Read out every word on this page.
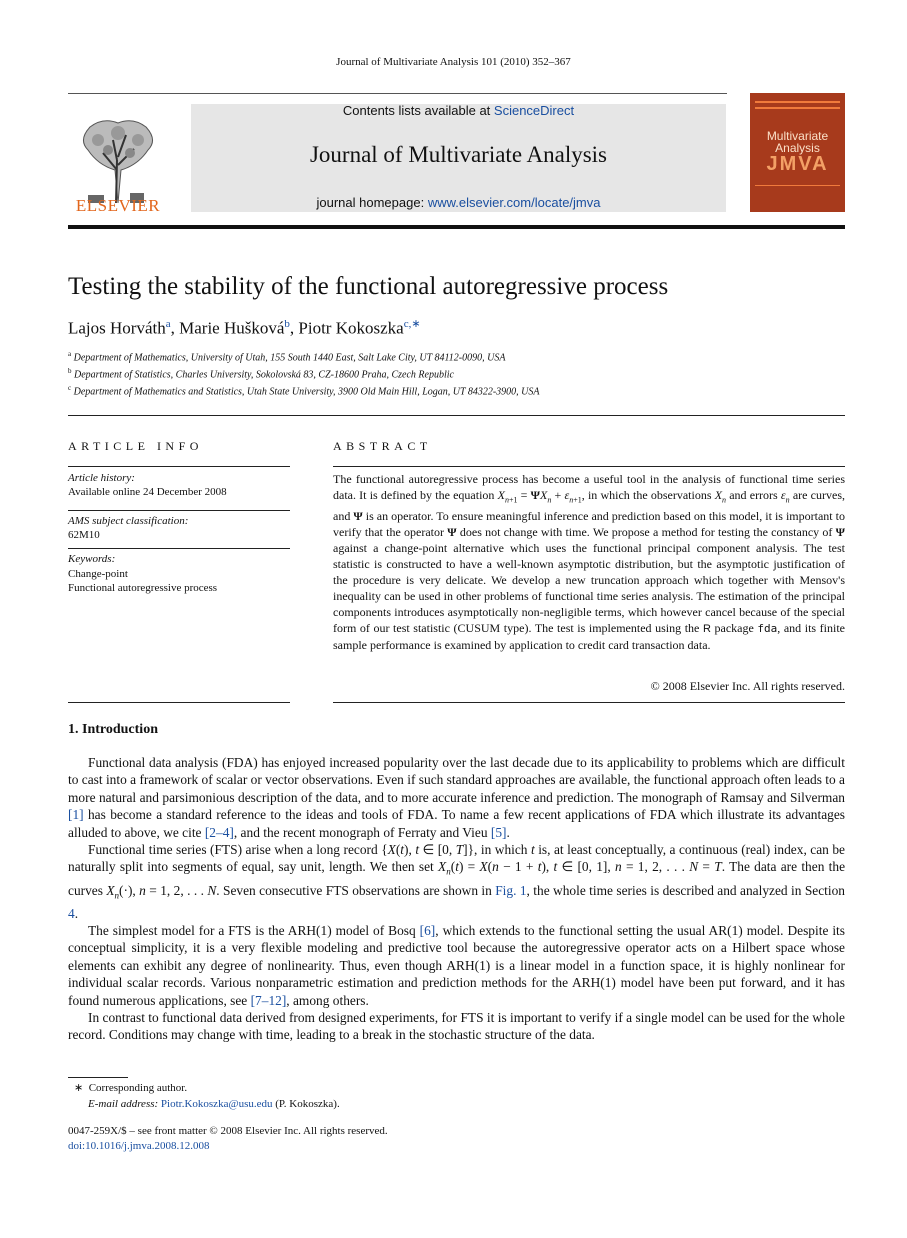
Journal of Multivariate Analysis 101 (2010) 352–367
ELSEVIER
Contents lists available at ScienceDirect
Journal of Multivariate Analysis
journal homepage: www.elsevier.com/locate/jmva
Multivariate Analysis
JMVA
Testing the stability of the functional autoregressive process
Lajos Horváth$^a$, Marie Hušková$^b$, Piotr Kokoszka$^{c,∗}$
$^a$ Department of Mathematics, University of Utah, 155 South 1440 East, Salt Lake City, UT 84112-0090, USA
$^b$ Department of Statistics, Charles University, Sokolovská 83, CZ-18600 Praha, Czech Republic
$^c$ Department of Mathematics and Statistics, Utah State University, 3900 Old Main Hill, Logan, UT 84322-3900, USA
ARTICLE INFO
Article history:
Available online 24 December 2008
AMS subject classification:
62M10
Keywords:
Change-point
Functional autoregressive process
ABSTRACT
The functional autoregressive process has become a useful tool in the analysis of functional time series data. It is defined by the equation $X_{n+1} = \Psi X_n + \varepsilon_{n+1}$, in which the observations $X_n$ and errors $\varepsilon_n$ are curves, and Ψ is an operator. To ensure meaningful inference and prediction based on this model, it is important to verify that the operator Ψ does not change with time. We propose a method for testing the constancy of Ψ against a change-point alternative which uses the functional principal component analysis. The test statistic is constructed to have a well-known asymptotic distribution, but the asymptotic justification of the procedure is very delicate. We develop a new truncation approach which together with Mensov's inequality can be used in other problems of functional time series analysis. The estimation of the principal components introduces asymptotically non-negligible terms, which however cancel because of the special form of our test statistic (CUSUM type). The test is implemented using the R package fda, and its finite sample performance is examined by application to credit card transaction data.
© 2008 Elsevier Inc. All rights reserved.
1. Introduction

Functional data analysis (FDA) has enjoyed increased popularity over the last decade due to its applicability to problems which are difficult to cast into a framework of scalar or vector observations. Even if such standard approaches are available, the functional approach often leads to a more natural and parsimonious description of the data, and to more accurate inference and prediction. The monograph of Ramsay and Silverman [1] has become a standard reference to the ideas and tools of FDA. To name a few recent applications of FDA which illustrate its advantages alluded to above, we cite [2–4], and the recent monograph of Ferraty and Vieu [5].

Functional time series (FTS) arise when a long record {X(t), t ∈ [0, T]}, in which t is, at least conceptually, a continuous (real) index, can be naturally split into segments of equal, say unit, length. We then set $X_n(t) = X(n - 1 + t)$, t ∈ [0, 1], n = 1, 2, . . . N = T. The data are then the curves $X_n(\cdot)$, n = 1, 2, . . . N. Seven consecutive FTS observations are shown in Fig. 1, the whole time series is described and analyzed in Section 4.

The simplest model for a FTS is the ARH(1) model of Bosq [6], which extends to the functional setting the usual AR(1) model. Despite its conceptual simplicity, it is a very flexible modeling and predictive tool because the autoregressive operator acts on a Hilbert space whose elements can exhibit any degree of nonlinearity. Thus, even though ARH(1) is a linear model in a function space, it is highly nonlinear for individual scalar records. Various nonparametric estimation and prediction methods for the ARH(1) model have been put forward, and it has found numerous applications, see [7–12], among others.

In contrast to functional data derived from designed experiments, for FTS it is important to verify if a single model can be used for the whole record. Conditions may change with time, leading to a break in the stochastic structure of the data.

∗ Corresponding author.
E-mail address: Piotr.Kokoszka@usu.edu (P. Kokoszka).
0047-259X/$ – see front matter © 2008 Elsevier Inc. All rights reserved.
doi:10.1016/j.jmva.2008.12.008
